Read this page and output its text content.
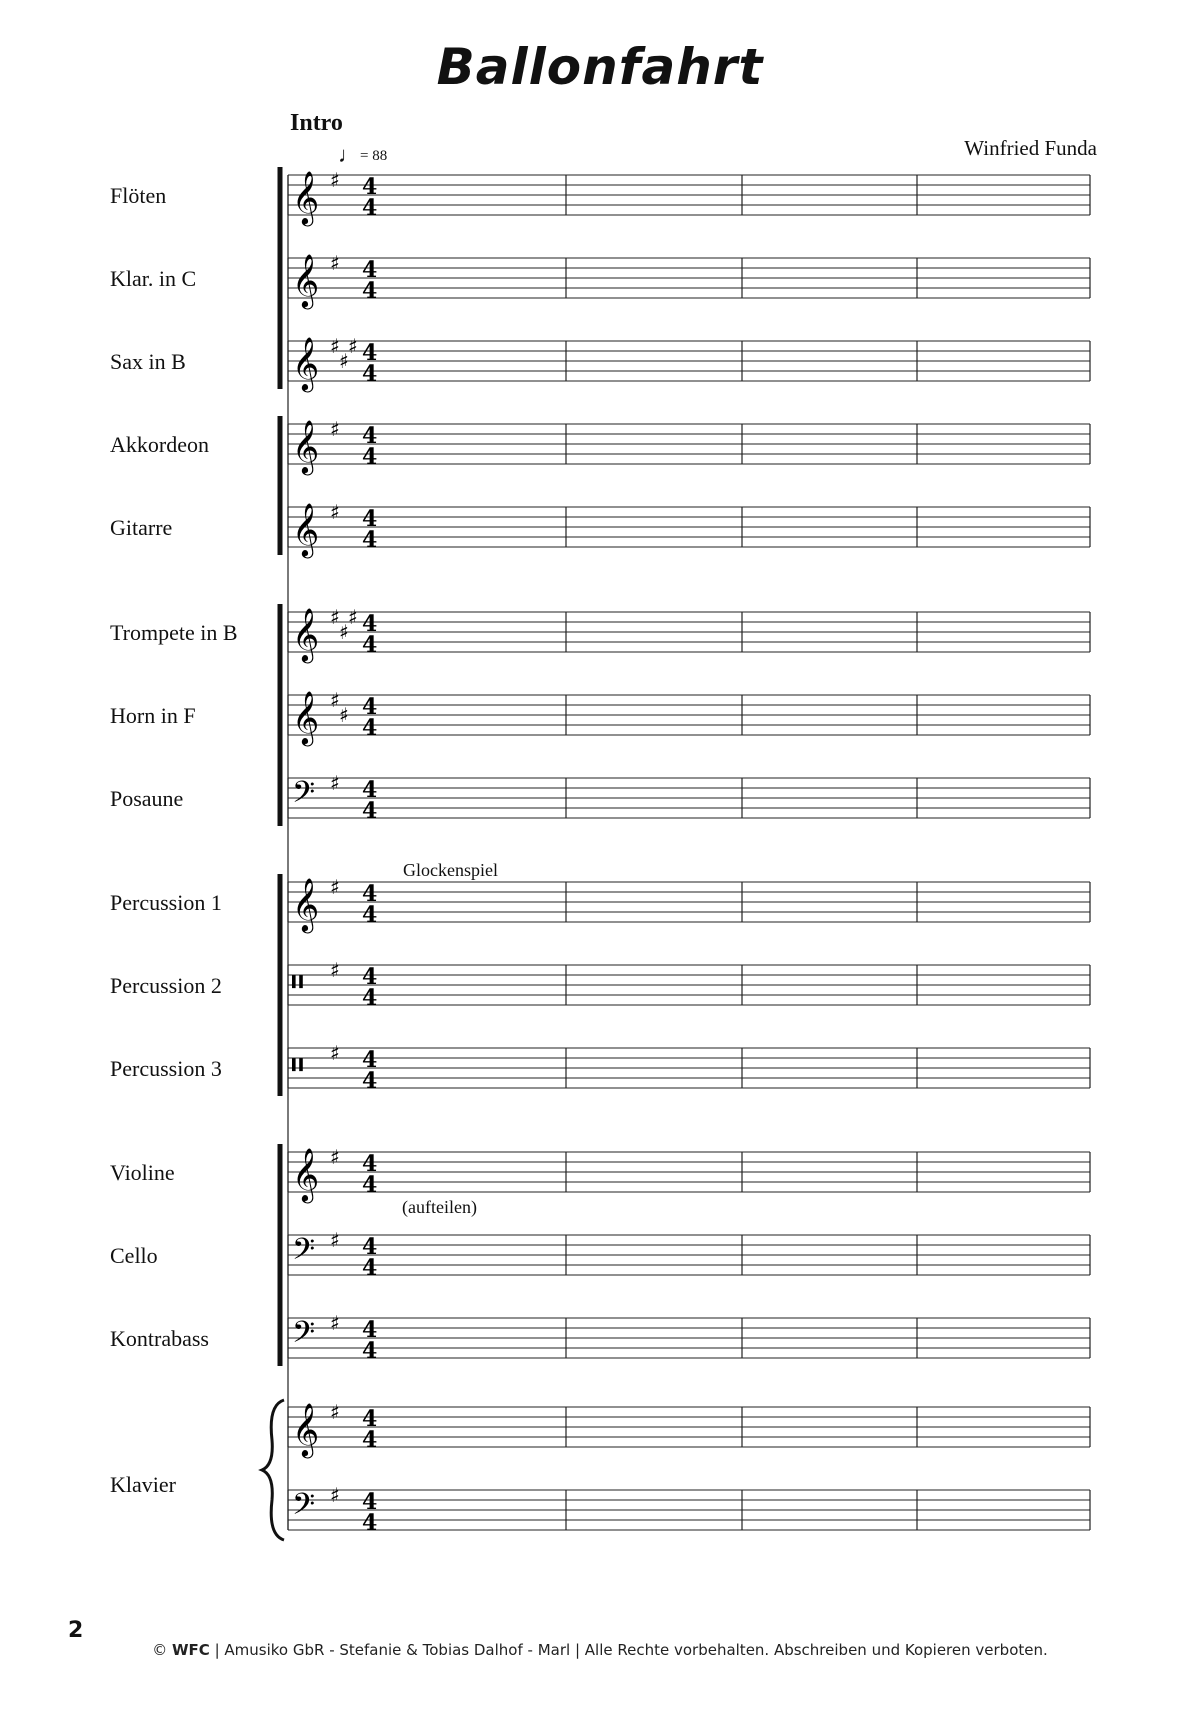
Ballonfahrt
Intro
♩= 88	Winfried Funda
Flöten
Klar. in C
Sax in B
Akkordeon
Gitarre
Trompete in B
Horn in F
Posaune
Percussion 1
Percussion 2
Percussion 3
Violine
Cello
Kontrabass
Klavier
Glockenspiel
(aufteilen)
𝄞 ♯ 4
4
𝄞 ♯ 4
4
𝄞 ♯
♯
♯ 4
4
𝄞 ♯ 4
4
𝄞 ♯ 4
4
𝄞 ♯
♯
♯ 4
4
𝄞 ♯
♯ 4
4
𝄢 ♯ 4
4
𝄞 ♯ 4
4
𝄥 ♯ 4
4
𝄥 ♯ 4
4
𝄞 ♯ 4
4
𝄢 ♯ 4
4
𝄢 ♯ 4
4
𝄞 ♯ 4
4
𝄢 ♯ 4
4
2
© WFC | Amusiko GbR - Stefanie & Tobias Dalhof - Marl | Alle Rechte vorbehalten. Abschreiben und Kopieren verboten.
